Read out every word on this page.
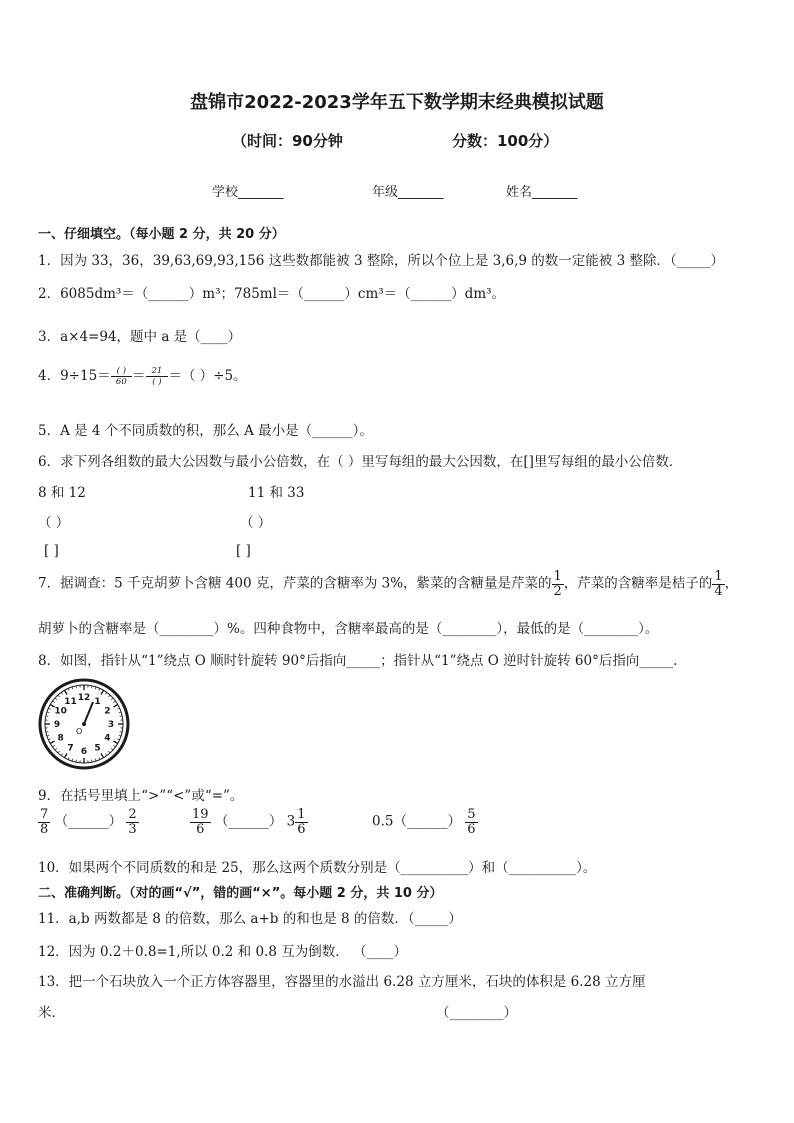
盘锦市2022-2023学年五下数学期末经典模拟试题
（时间：90分钟	分数：100分）
学校_______	年级_______	姓名_______
一、仔细填空。（每小题 2 分，共 20 分）
1．因为 33，36，39,63,69,93,156 这些数都能被 3 整除，所以个位上是 3,6,9 的数一定能被 3 整除．（_____）
2．6085dm³＝（______）m³；785ml＝（______）cm³＝（______）dm³。
3．a×4=94，题中 a 是（____）
4．$9\div 15= \frac{( )}{60} = \frac{21}{( )}$ ＝（ ）÷5。
5．A 是 4 个不同质数的积，那么 A 最小是（______）。
6．求下列各组数的最大公因数与最小公倍数，在（ ）里写每组的最大公因数，在[]里写每组的最小公倍数．
8 和 12	11 和 33
（ ）	（ ）
[ ]	[ ]
7．据调查：5 千克胡萝卜含糖 400 克，芹菜的含糖率为 3%，紫菜的含糖量是芹菜的 $\frac{1}{2}$ ，芹菜的含糖率是桔子的 $\frac{1}{4}$ ，
胡萝卜的含糖率是（________）%。四种食物中，含糖率最高的是（________），最低的是（________）。
8．如图，指针从“1”绕点 O 顺时针旋转 90°后指向_____；指针从“1”绕点 O 逆时针旋转 60°后指向_____.
12 1
2
3
4
5
6
7
8
9
10
11
O
9．在括号里填上“>”“<”或“=”。
$\frac{7}{8}$ （______） $\frac{2}{3}$	$\frac{19}{6}$ （______） $3 \frac{1}{6}$	0.5（______） $\frac{5}{6}$
10．如果两个不同质数的和是 25，那么这两个质数分别是（__________）和（__________）。
二、准确判断。（对的画“√”，错的画“×”。每小题 2 分，共 10 分）
11．a,b 两数都是 8 的倍数，那么 a+b 的和也是 8 的倍数．（_____）
12．因为 0.2＋0.8=1,所以 0.2 和 0.8 互为倒数． （____）
13．把一个石块放入一个正方体容器里，容器里的水溢出 6.28 立方厘米，石块的体积是 6.28 立方厘
米．	（________）
